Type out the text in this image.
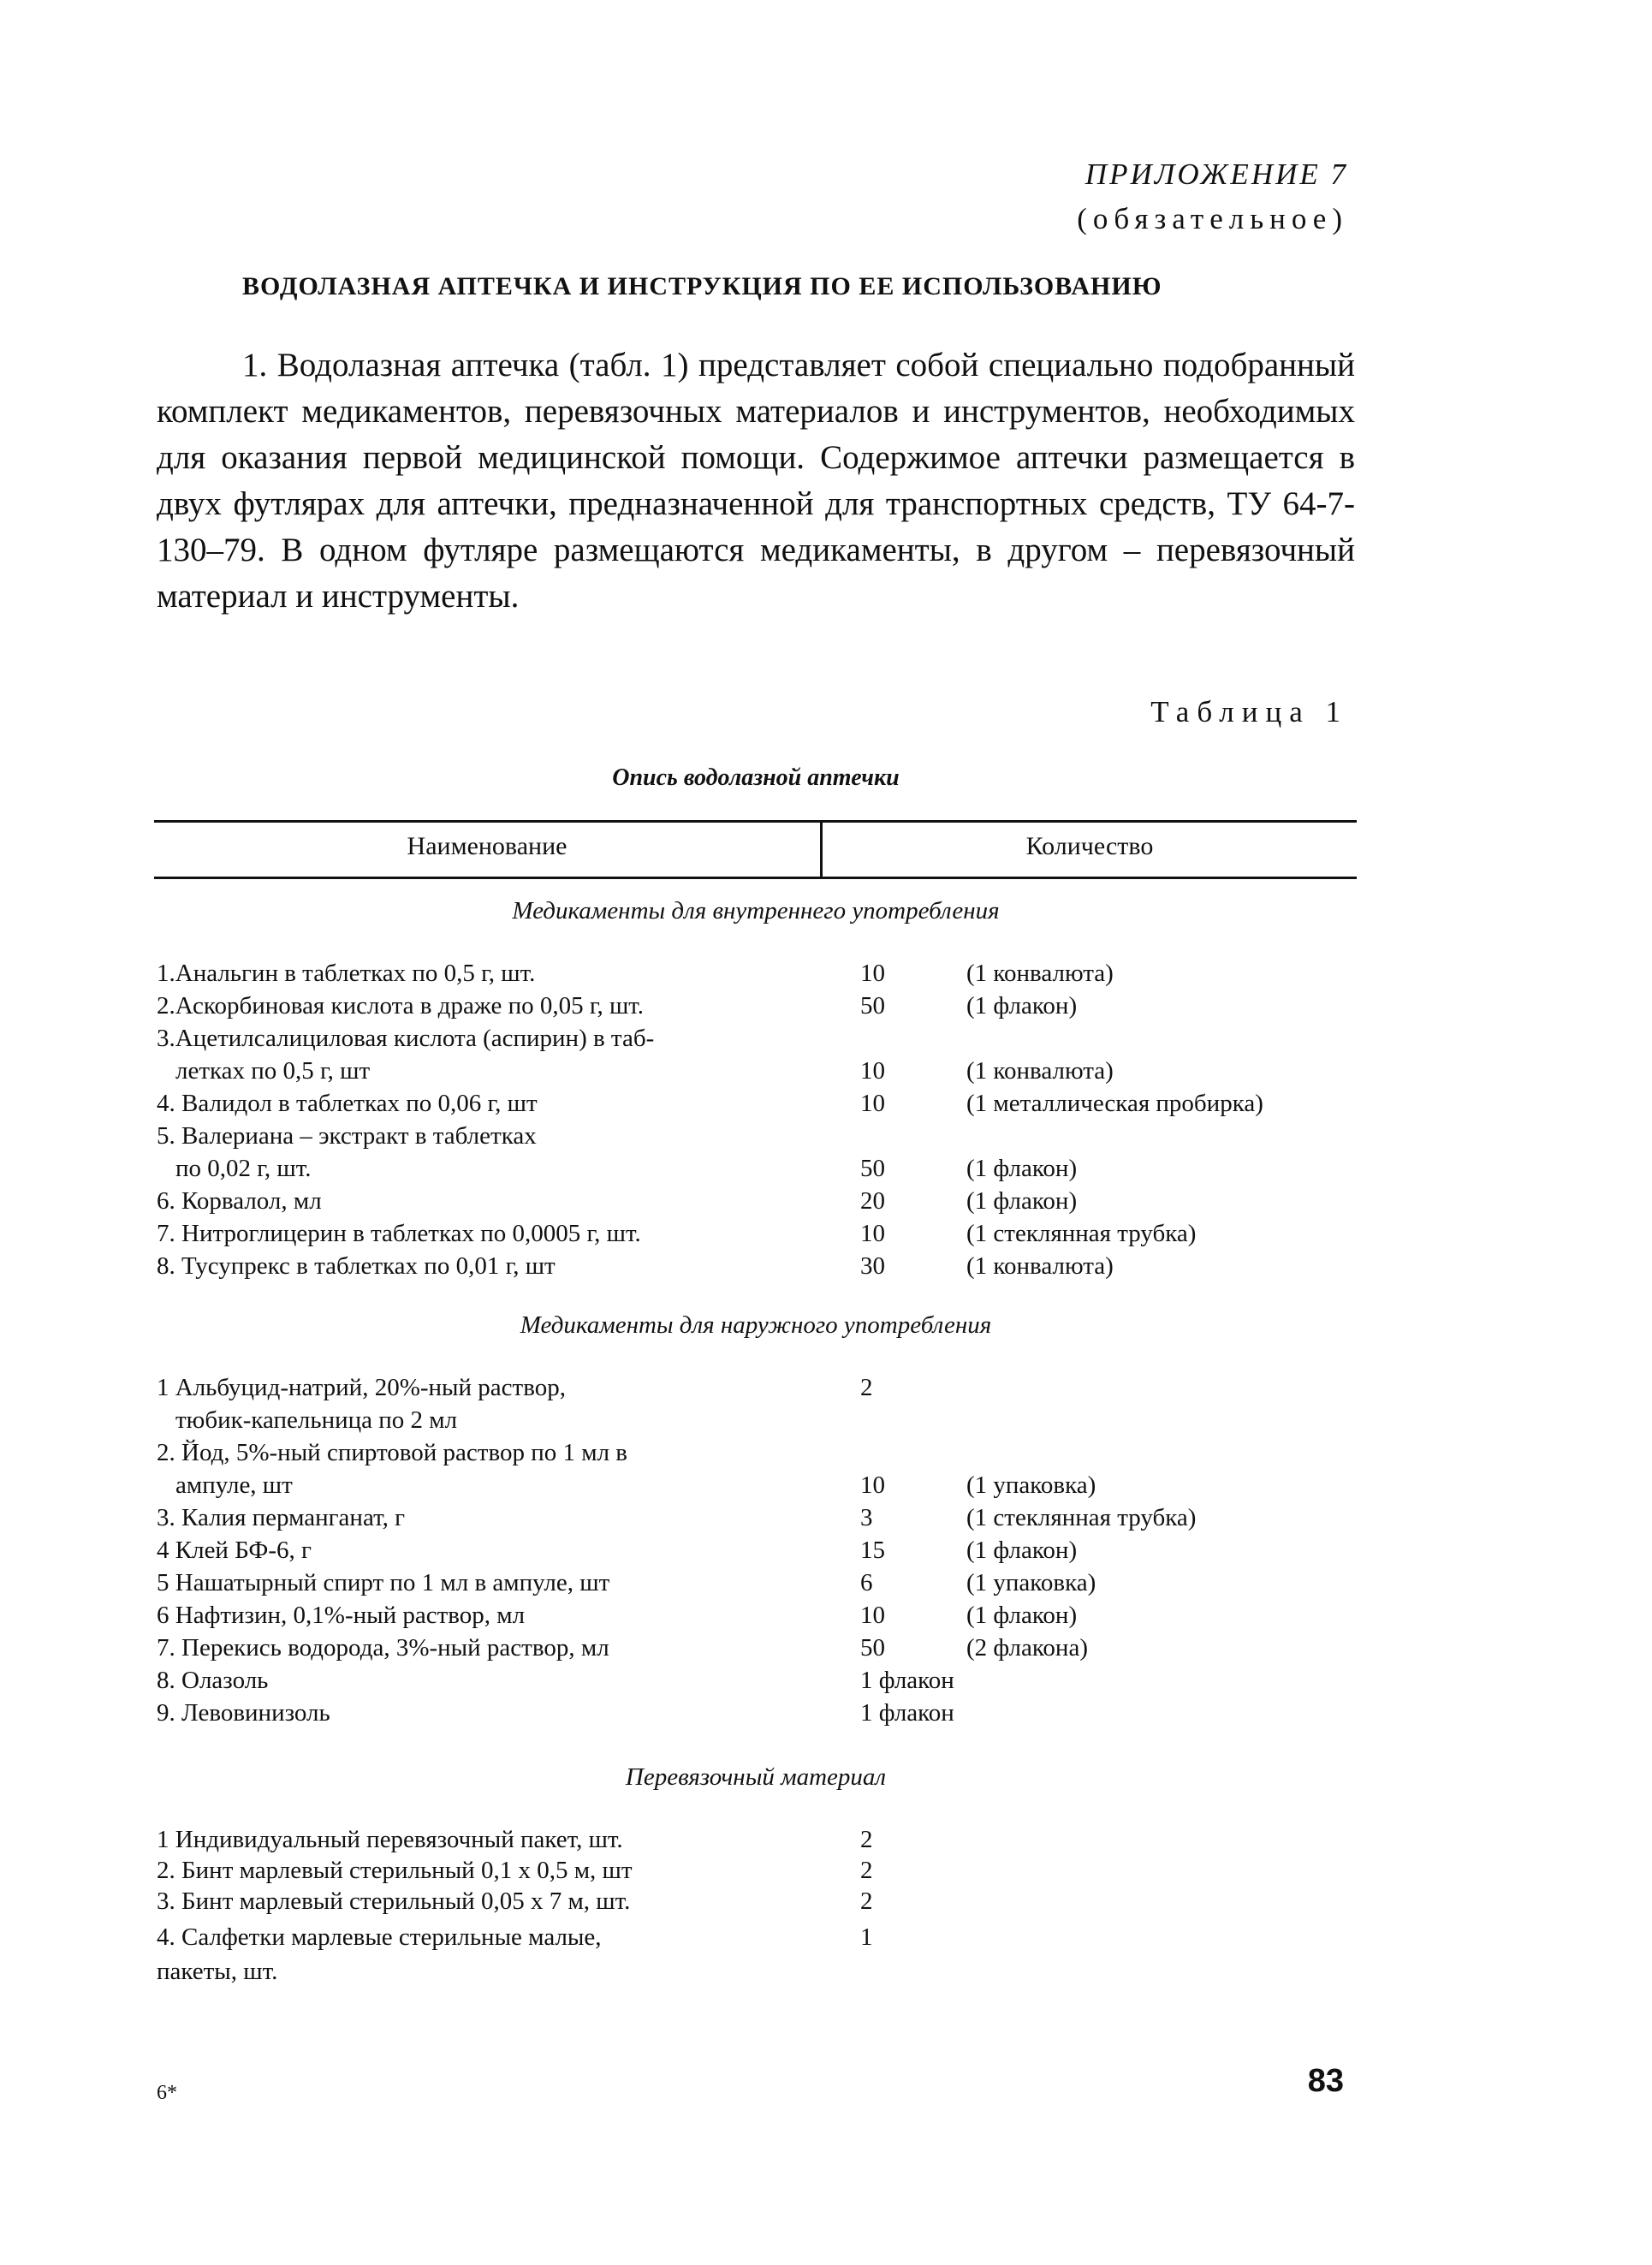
ПРИЛОЖЕНИЕ 7
(обязательное)
ВОДОЛАЗНАЯ АПТЕЧКА И ИНСТРУКЦИЯ ПО ЕЕ ИСПОЛЬЗОВАНИЮ
1. Водолазная аптечка (табл. 1) представляет собой специально подобранный комплект медикаментов, перевязочных материалов и инструментов, необходимых для оказания первой медицинской помощи. Содержимое аптечки размещается в двух футлярах для аптечки, предназначенной для транспортных средств, ТУ 64-7-130–79. В одном футляре размещаются медикаменты, в другом – перевязочный материал и инструменты.
Таблица 1
Опись водолазной аптечки
Наименование	Количество
Медикаменты для внутреннего употребления
1.Анальгин в таблетках по 0,5 г, шт.	10	(1 конвалюта)
2.Аскорбиновая кислота в драже по 0,05 г, шт.	50	(1 флакон)
3.Ацетилсалициловая кислота (аспирин) в таб-
летках по 0,5 г, шт	10	(1 конвалюта)
4. Валидол в таблетках по 0,06 г, шт	10	(1 металлическая пробирка)
5. Валериана – экстракт в таблетках
по 0,02 г, шт.	50	(1 флакон)
6. Корвалол, мл	20	(1 флакон)
7. Нитроглицерин в таблетках по 0,0005 г, шт.	10	(1 стеклянная трубка)
8. Тусупрекс в таблетках по 0,01 г, шт	30	(1 конвалюта)
Медикаменты для наружного употребления
1 Альбуцид-натрий, 20%-ный раствор,	2
тюбик-капельница по 2 мл
2. Йод, 5%-ный спиртовой раствор по 1 мл в
ампуле, шт	10	(1 упаковка)
3. Калия перманганат, г	3	(1 стеклянная трубка)
4 Клей БФ-6, г	15	(1 флакон)
5 Нашатырный спирт по 1 мл в ампуле, шт	6	(1 упаковка)
6 Нафтизин, 0,1%-ный раствор, мл	10	(1 флакон)
7. Перекись водорода, 3%-ный раствор, мл	50	(2 флакона)
8. Олазоль	1 флакон
9. Левовинизоль	1 флакон
Перевязочный материал
1 Индивидуальный перевязочный пакет, шт.	2
2. Бинт марлевый стерильный 0,1 х 0,5 м, шт	2
3. Бинт марлевый стерильный 0,05 х 7 м, шт.	2
4. Салфетки марлевые стерильные малые,	1
пакеты, шт.
6*	83
